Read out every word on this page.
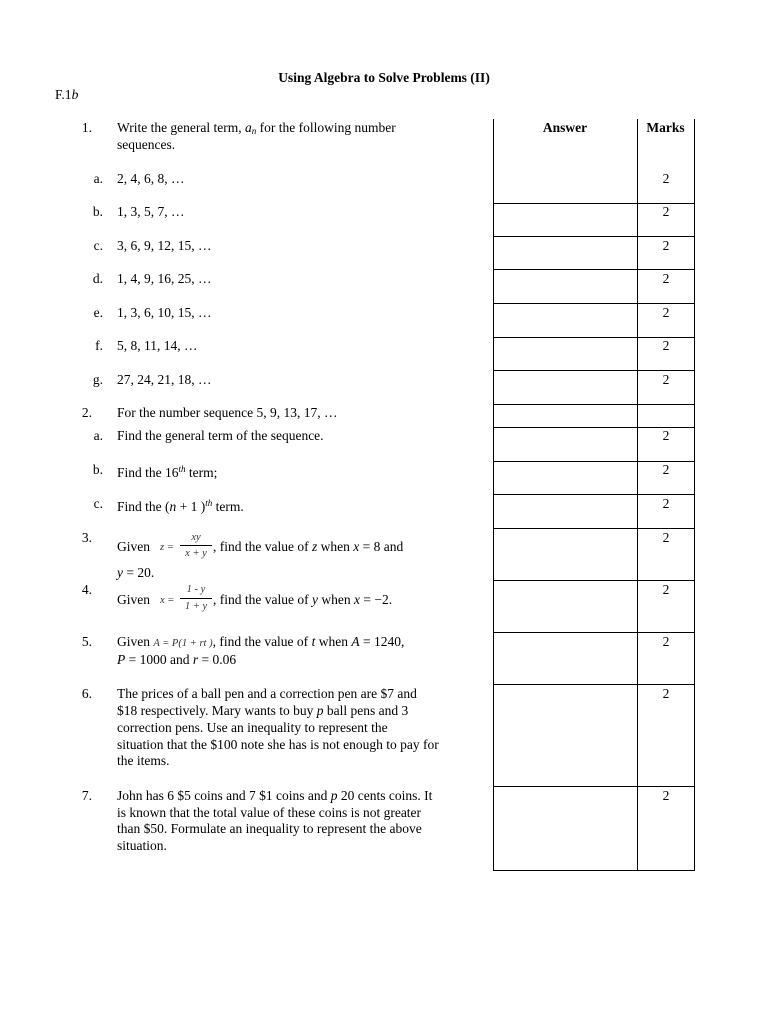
Using Algebra to Solve Problems (II)
F.1b
Answer	Marks
1. Write the general term, $a_n$ for the following number
sequences.
a. 2, 4, 6, 8, …	2
b. 1, 3, 5, 7, …	2
c. 3, 6, 9, 12, 15, …	2
d. 1, 4, 9, 16, 25, …	2
e. 1, 3, 6, 10, 15, …	2
f. 5, 8, 11, 14, …	2
g. 27, 24, 21, 18, …	2
2. For the number sequence 5, 9, 13, 17, …
a. Find the general term of the sequence.	2
b. Find the 16th term;	2
c. Find the (n + 1 )$^{th}$ term.	2
3.
Given z =
xy
x + y , find the value of z when x = 8 and
y = 20.
2
4.
Given x =
1 - y
1 + y , find the value of y when x = −2.
2
5. Given A = P(1 + rt ), find the value of t when A = 1240,
P = 1000 and r = 0.06
2
6. The prices of a ball pen and a correction pen are $7 and
$18 respectively. Mary wants to buy p ball pens and 3
correction pens. Use an inequality to represent the
situation that the $100 note she has is not enough to pay for
the items.
2
7. John has 6 $5 coins and 7 $1 coins and p 20 cents coins. It
is known that the total value of these coins is not greater
than $50. Formulate an inequality to represent the above
situation.
2
